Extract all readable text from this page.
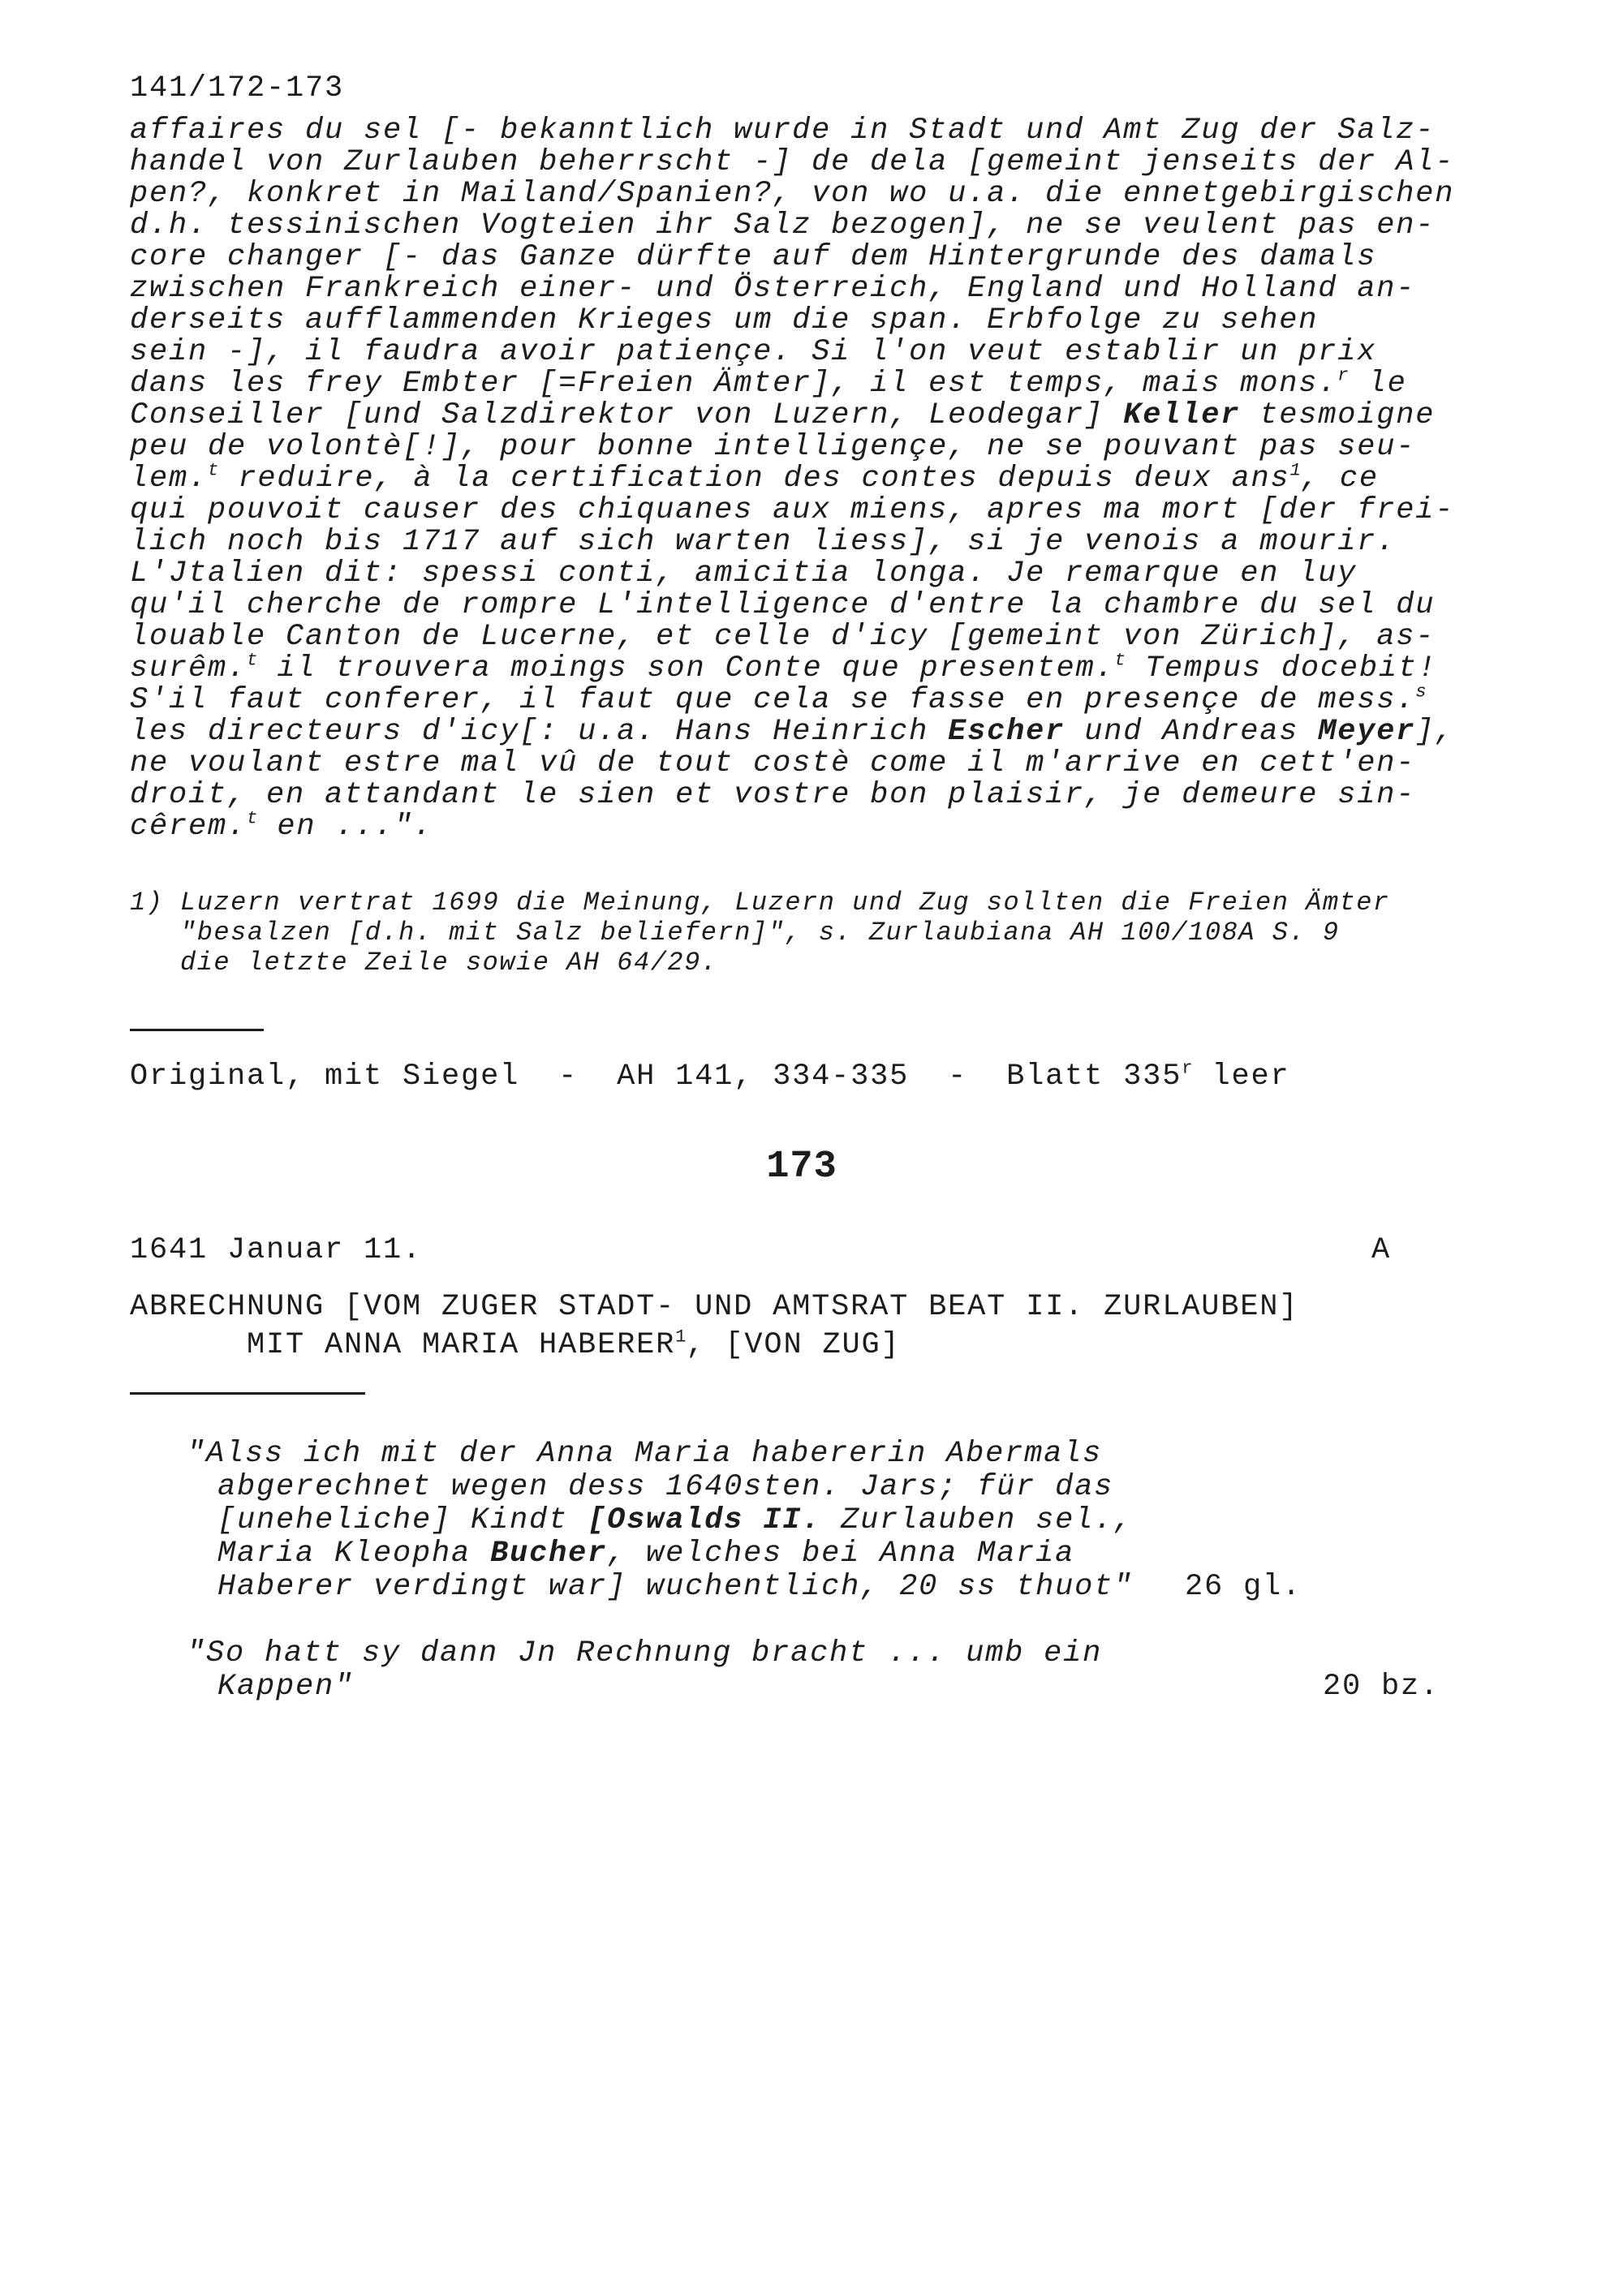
141/172-173
affaires du sel [- bekanntlich wurde in Stadt und Amt Zug der Salz-
handel von Zurlauben beherrscht -] de dela [gemeint jenseits der Al-
pen?, konkret in Mailand/Spanien?, von wo u.a. die ennetgebirgischen
d.h. tessinischen Vogteien ihr Salz bezogen], ne se veulent pas en-
core changer [- das Ganze dürfte auf dem Hintergrunde des damals
zwischen Frankreich einer- und Österreich, England und Holland an-
derseits aufflammenden Krieges um die span. Erbfolge zu sehen
sein -], il faudra avoir patiençe. Si l'on veut establir un prix
dans les frey Embter [=Freien Ämter], il est temps, mais mons.$^r$ le
Conseiller [und Salzdirektor von Luzern, Leodegar] Keller tesmoigne
peu de volontè[!], pour bonne intelligençe, ne se pouvant pas seu-
lem.$^t$ reduire, à la certification des contes depuis deux ans$^1$, ce
qui pouvoit causer des chiquanes aux miens, apres ma mort [der frei-
lich noch bis 1717 auf sich warten liess], si je venois a mourir.
L'Jtalien dit: spessi conti, amicitia longa. Je remarque en luy
qu'il cherche de rompre L'intelligence d'entre la chambre du sel du
louable Canton de Lucerne, et celle d'icy [gemeint von Zürich], as-
surêm.$^t$ il trouvera moings son Conte que presentem.$^t$ Tempus docebit!
S'il faut conferer, il faut que cela se fasse en presençe de mess.$^s$
les directeurs d'icy[: u.a. Hans Heinrich Escher und Andreas Meyer],
ne voulant estre mal vû de tout costè come il m'arrive en cett'en-
droit, en attandant le sien et vostre bon plaisir, je demeure sin-
cêrem.$^t$ en ...".
1) Luzern vertrat 1699 die Meinung, Luzern und Zug sollten die Freien Ämter
"besalzen [d.h. mit Salz beliefern]", s. Zurlaubiana AH 100/108A S. 9
die letzte Zeile sowie AH 64/29.
Original, mit Siegel  -  AH 141, 334-335  -  Blatt 335$^r$ leer
173
1641 Januar 11.	A
ABRECHNUNG [VOM ZUGER STADT- UND AMTSRAT BEAT II. ZURLAUBEN]
MIT ANNA MARIA HABERER$^1$, [VON ZUG]
"Alss ich mit der Anna Maria habererin Abermals
abgerechnet wegen dess 1640sten. Jars; für das
[uneheliche] Kindt [Oswalds II. Zurlauben sel.,
Maria Kleopha Bucher, welches bei Anna Maria
Haberer verdingt war] wuchentlich, 20 ss thuot" 26 gl.
"So hatt sy dann Jn Rechnung bracht ... umb ein
Kappen"	20 bz.
